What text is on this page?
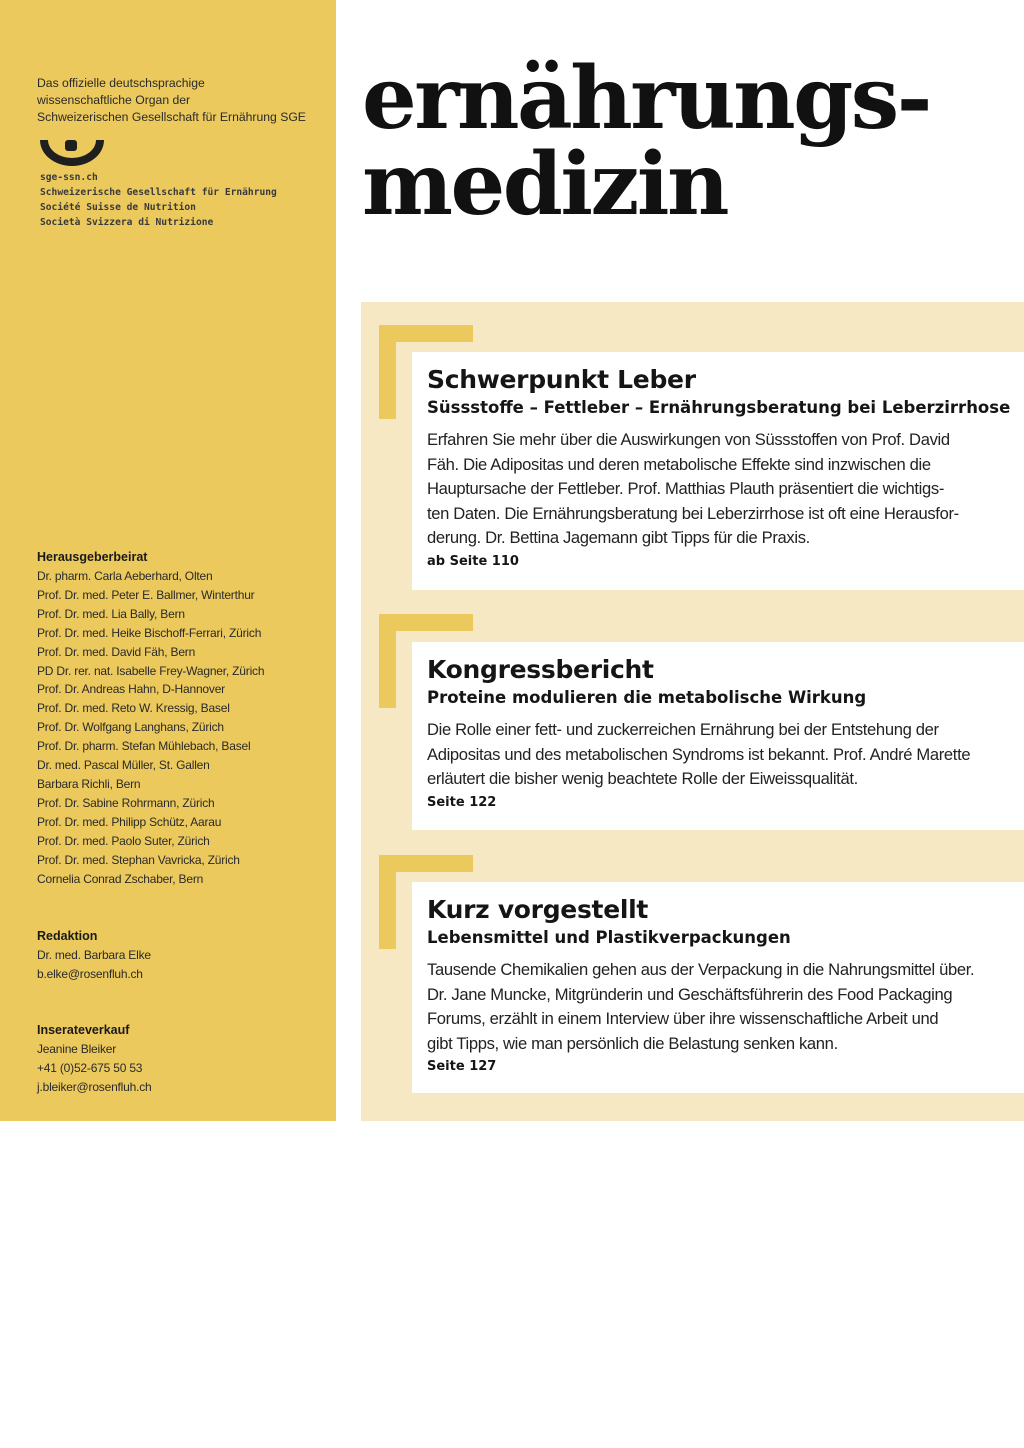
Das offizielle deutschsprachige
wissenschaftliche Organ der
Schweizerischen Gesellschaft für Ernährung SGE
sge-ssn.ch
Schweizerische Gesellschaft für Ernährung
Société Suisse de Nutrition
Società Svizzera di Nutrizione
Herausgeberbeirat
Dr. pharm. Carla Aeberhard, Olten
Prof. Dr. med. Peter E. Ballmer, Winterthur
Prof. Dr. med. Lia Bally, Bern
Prof. Dr. med. Heike Bischoff-Ferrari, Zürich
Prof. Dr. med. David Fäh, Bern
PD Dr. rer. nat. Isabelle Frey-Wagner, Zürich
Prof. Dr. Andreas Hahn, D-Hannover
Prof. Dr. med. Reto W. Kressig, Basel
Prof. Dr. Wolfgang Langhans, Zürich
Prof. Dr. pharm. Stefan Mühlebach, Basel
Dr. med. Pascal Müller, St. Gallen
Barbara Richli, Bern
Prof. Dr. Sabine Rohrmann, Zürich
Prof. Dr. med. Philipp Schütz, Aarau
Prof. Dr. med. Paolo Suter, Zürich
Prof. Dr. med. Stephan Vavricka, Zürich
Cornelia Conrad Zschaber, Bern
Redaktion
Dr. med. Barbara Elke
b.elke@rosenfluh.ch
Inserateverkauf
Jeanine Bleiker
+41 (0)52-675 50 53
j.bleiker@rosenfluh.ch
ernährungs-
medizin
Schwerpunkt Leber
Süssstoffe – Fettleber – Ernährungsberatung bei Leberzirrhose
Erfahren Sie mehr über die Auswirkungen von Süssstoffen von Prof. David
Fäh. Die Adipositas und deren metabolische Effekte sind inzwischen die
Hauptursache der Fettleber. Prof. Matthias Plauth präsentiert die wichtigs-
ten Daten. Die Ernährungsberatung bei Leberzirrhose ist oft eine Herausfor-
derung. Dr. Bettina Jagemann gibt Tipps für die Praxis.
ab Seite 110
Kongressbericht
Proteine modulieren die metabolische Wirkung
Die Rolle einer fett- und zuckerreichen Ernährung bei der Entstehung der
Adipositas und des metabolischen Syndroms ist bekannt. Prof. André Marette
erläutert die bisher wenig beachtete Rolle der Eiweissqualität.
Seite 122
Kurz vorgestellt
Lebensmittel und Plastikverpackungen
Tausende Chemikalien gehen aus der Verpackung in die Nahrungsmittel über.
Dr. Jane Muncke, Mitgründerin und Geschäftsführerin des Food Packaging
Forums, erzählt in einem Interview über ihre wissenschaftliche Arbeit und
gibt Tipps, wie man persönlich die Belastung senken kann.
Seite 127
